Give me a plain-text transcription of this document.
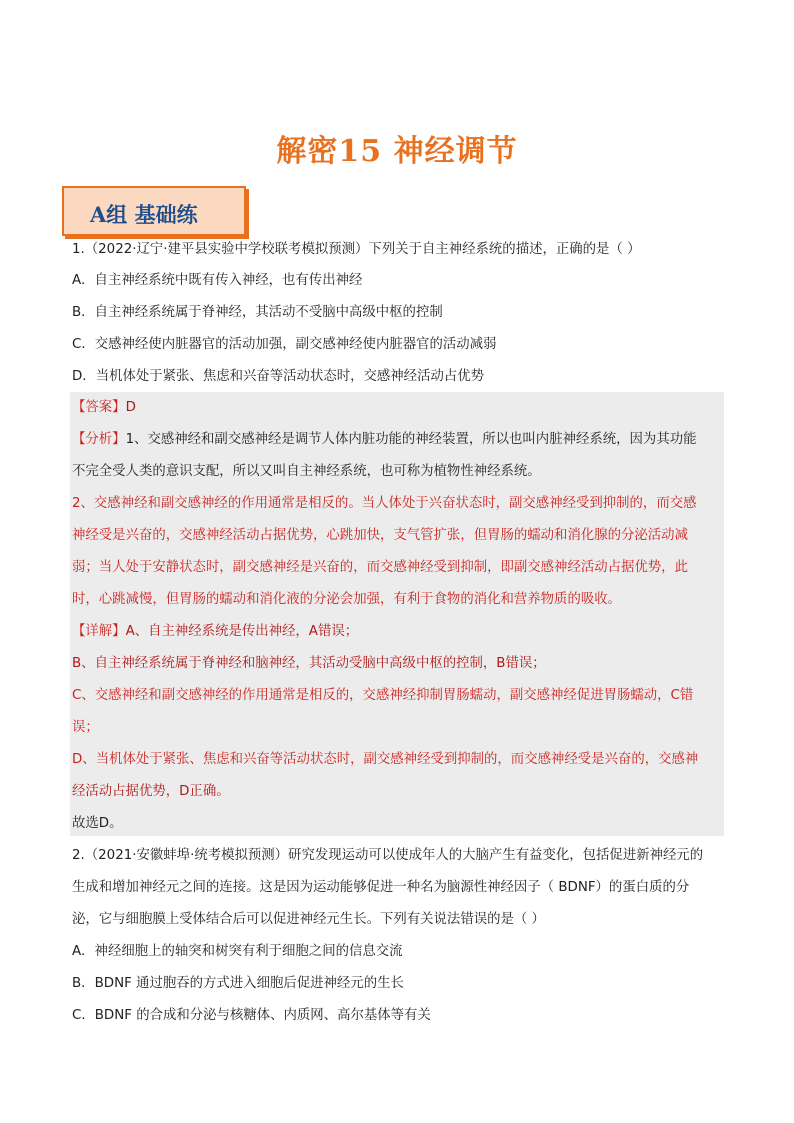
解密15 神经调节
A组 基础练
1.（2022·辽宁·建平县实验中学校联考模拟预测）下列关于自主神经系统的描述，正确的是（ ）
A．自主神经系统中既有传入神经，也有传出神经
B．自主神经系统属于脊神经，其活动不受脑中高级中枢的控制
C．交感神经使内脏器官的活动加强，副交感神经使内脏器官的活动减弱
D．当机体处于紧张、焦虑和兴奋等活动状态时，交感神经活动占优势
【答案】D
【分析】1、交感神经和副交感神经是调节人体内脏功能的神经装置，所以也叫内脏神经系统，因为其功能
不完全受人类的意识支配，所以又叫自主神经系统，也可称为植物性神经系统。
2、交感神经和副交感神经的作用通常是相反的。当人体处于兴奋状态时，副交感神经受到抑制的，而交感
神经受是兴奋的，交感神经活动占据优势，心跳加快，支气管扩张，但胃肠的蠕动和消化腺的分泌活动减
弱；当人处于安静状态时，副交感神经是兴奋的，而交感神经受到抑制，即副交感神经活动占据优势，此
时，心跳减慢，但胃肠的蠕动和消化液的分泌会加强，有利于食物的消化和营养物质的吸收。
【详解】A、自主神经系统是传出神经，A错误；
B、自主神经系统属于脊神经和脑神经，其活动受脑中高级中枢的控制，B错误；
C、交感神经和副交感神经的作用通常是相反的，交感神经抑制胃肠蠕动，副交感神经促进胃肠蠕动，C错
误；
D、当机体处于紧张、焦虑和兴奋等活动状态时，副交感神经受到抑制的，而交感神经受是兴奋的，交感神
经活动占据优势，D正确。
故选D。
2.（2021·安徽蚌埠·统考模拟预测）研究发现运动可以使成年人的大脑产生有益变化，包括促进新神经元的
生成和增加神经元之间的连接。这是因为运动能够促进一种名为脑源性神经因子（ BDNF）的蛋白质的分
泌，它与细胞膜上受体结合后可以促进神经元生长。下列有关说法错误的是（ ）
A．神经细胞上的轴突和树突有利于细胞之间的信息交流
B．BDNF 通过胞吞的方式进入细胞后促进神经元的生长
C．BDNF 的合成和分泌与核糖体、内质网、高尔基体等有关
